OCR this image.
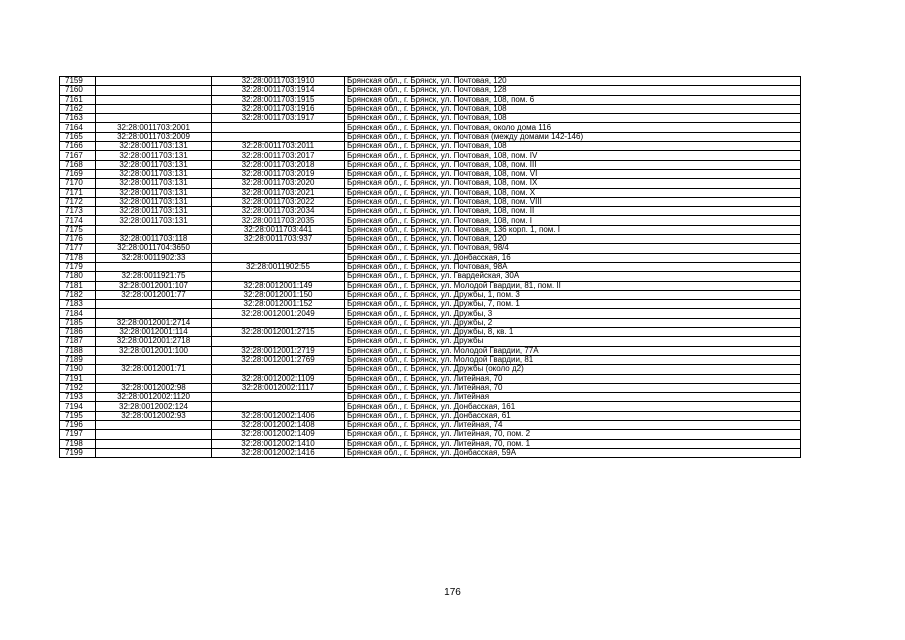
7159		32:28:0011703:1910	Брянская обл., г. Брянск, ул. Почтовая, 120
7160		32:28:0011703:1914	Брянская обл., г. Брянск, ул. Почтовая, 128
7161		32:28:0011703:1915	Брянская обл., г. Брянск, ул. Почтовая, 108, пом. 6
7162		32:28:0011703:1916	Брянская обл., г. Брянск, ул. Почтовая, 108
7163		32:28:0011703:1917	Брянская обл., г. Брянск, ул. Почтовая, 108
7164	32:28:0011703:2001		Брянская обл., г. Брянск, ул. Почтовая, около дома 116
7165	32:28:0011703:2009		Брянская обл., г. Брянск, ул. Почтовая (между домами 142-146)
7166	32:28:0011703:131	32:28:0011703:2011	Брянская обл., г. Брянск, ул. Почтовая, 108
7167	32:28:0011703:131	32:28:0011703:2017	Брянская обл., г. Брянск, ул. Почтовая, 108, пом. IV
7168	32:28:0011703:131	32:28:0011703:2018	Брянская обл., г. Брянск, ул. Почтовая, 108, пом. III
7169	32:28:0011703:131	32:28:0011703:2019	Брянская обл., г. Брянск, ул. Почтовая, 108, пом. VI
7170	32:28:0011703:131	32:28:0011703:2020	Брянская обл., г. Брянск, ул. Почтовая, 108, пом. IX
7171	32:28:0011703:131	32:28:0011703:2021	Брянская обл., г. Брянск, ул. Почтовая, 108, пом. X
7172	32:28:0011703:131	32:28:0011703:2022	Брянская обл., г. Брянск, ул. Почтовая, 108, пом. VIII
7173	32:28:0011703:131	32:28:0011703:2034	Брянская обл., г. Брянск, ул. Почтовая, 108, пом. II
7174	32:28:0011703:131	32:28:0011703:2035	Брянская обл., г. Брянск, ул. Почтовая, 108, пом. I
7175		32:28:0011703:441	Брянская обл., г. Брянск, ул. Почтовая, 136 корп. 1, пом. I
7176	32:28:0011703:118	32:28:0011703:937	Брянская обл., г. Брянск, ул. Почтовая, 120
7177	32:28:0011704:3650		Брянская обл., г. Брянск, ул. Почтовая, 98/4
7178	32:28:0011902:33		Брянская обл., г. Брянск, ул. Донбасская, 16
7179		32:28:0011902:55	Брянская обл., г. Брянск, ул. Почтовая, 98А
7180	32:28:0011921:75		Брянская обл., г. Брянск, ул. Гвардейская, 30А
7181	32:28:0012001:107	32:28:0012001:149	Брянская обл., г. Брянск, ул. Молодой Гвардии, 81, пом. II
7182	32:28:0012001:77	32:28:0012001:150	Брянская обл., г. Брянск, ул. Дружбы, 1, пом. 3
7183		32:28:0012001:152	Брянская обл., г. Брянск, ул. Дружбы, 7, пом. 1
7184		32:28:0012001:2049	Брянская обл., г. Брянск, ул. Дружбы, 3
7185	32:28:0012001:2714		Брянская обл., г. Брянск, ул. Дружбы, 2
7186	32:28:0012001:114	32:28:0012001:2715	Брянская обл., г. Брянск, ул. Дружбы, 8, кв. 1
7187	32:28:0012001:2718		Брянская обл., г. Брянск, ул. Дружбы
7188	32:28:0012001:100	32:28:0012001:2719	Брянская обл., г. Брянск, ул. Молодой Гвардии, 77А
7189		32:28:0012001:2769	Брянская обл., г. Брянск, ул. Молодой Гвардии, 81
7190	32:28:0012001:71		Брянская обл., г. Брянск, ул. Дружбы (около д2)
7191		32:28:0012002:1109	Брянская обл., г. Брянск, ул. Литейная, 70
7192	32:28:0012002:98	32:28:0012002:1117	Брянская обл., г. Брянск, ул. Литейная, 70
7193	32:28:0012002:1120		Брянская обл., г. Брянск, ул. Литейная
7194	32:28:0012002:124		Брянская обл., г. Брянск, ул. Донбасская, 161
7195	32:28:0012002:93	32:28:0012002:1406	Брянская обл., г. Брянск, ул. Донбасская, 61
7196		32:28:0012002:1408	Брянская обл., г. Брянск, ул. Литейная, 74
7197		32:28:0012002:1409	Брянская обл., г. Брянск, ул. Литейная, 70, пом. 2
7198		32:28:0012002:1410	Брянская обл., г. Брянск, ул. Литейная, 70, пом. 1
7199		32:28:0012002:1416	Брянская обл., г. Брянск, ул. Донбасская, 59А
176
